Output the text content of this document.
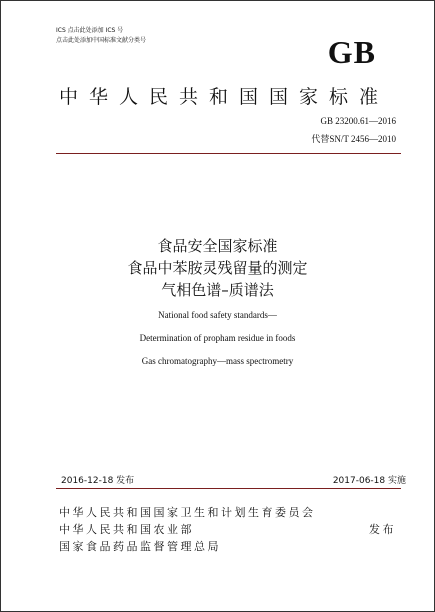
ICS 点击此处添加 ICS 号
点击此处添加中国标准文献分类号	GB
中华人民共和国国家标准
GB 23200.61—2016
代替SN/T 2456—2010
食品安全国家标准
食品中苯胺灵残留量的测定
气相色谱–质谱法
National food safety standards—
Determination of propham residue in foods
Gas chromatography—mass spectrometry
2016-12-18 发布	2017-06-18 实施
中华人民共和国国家卫生和计划生育委员会
中华人民共和国农业部
国家食品药品监督管理总局
发布
